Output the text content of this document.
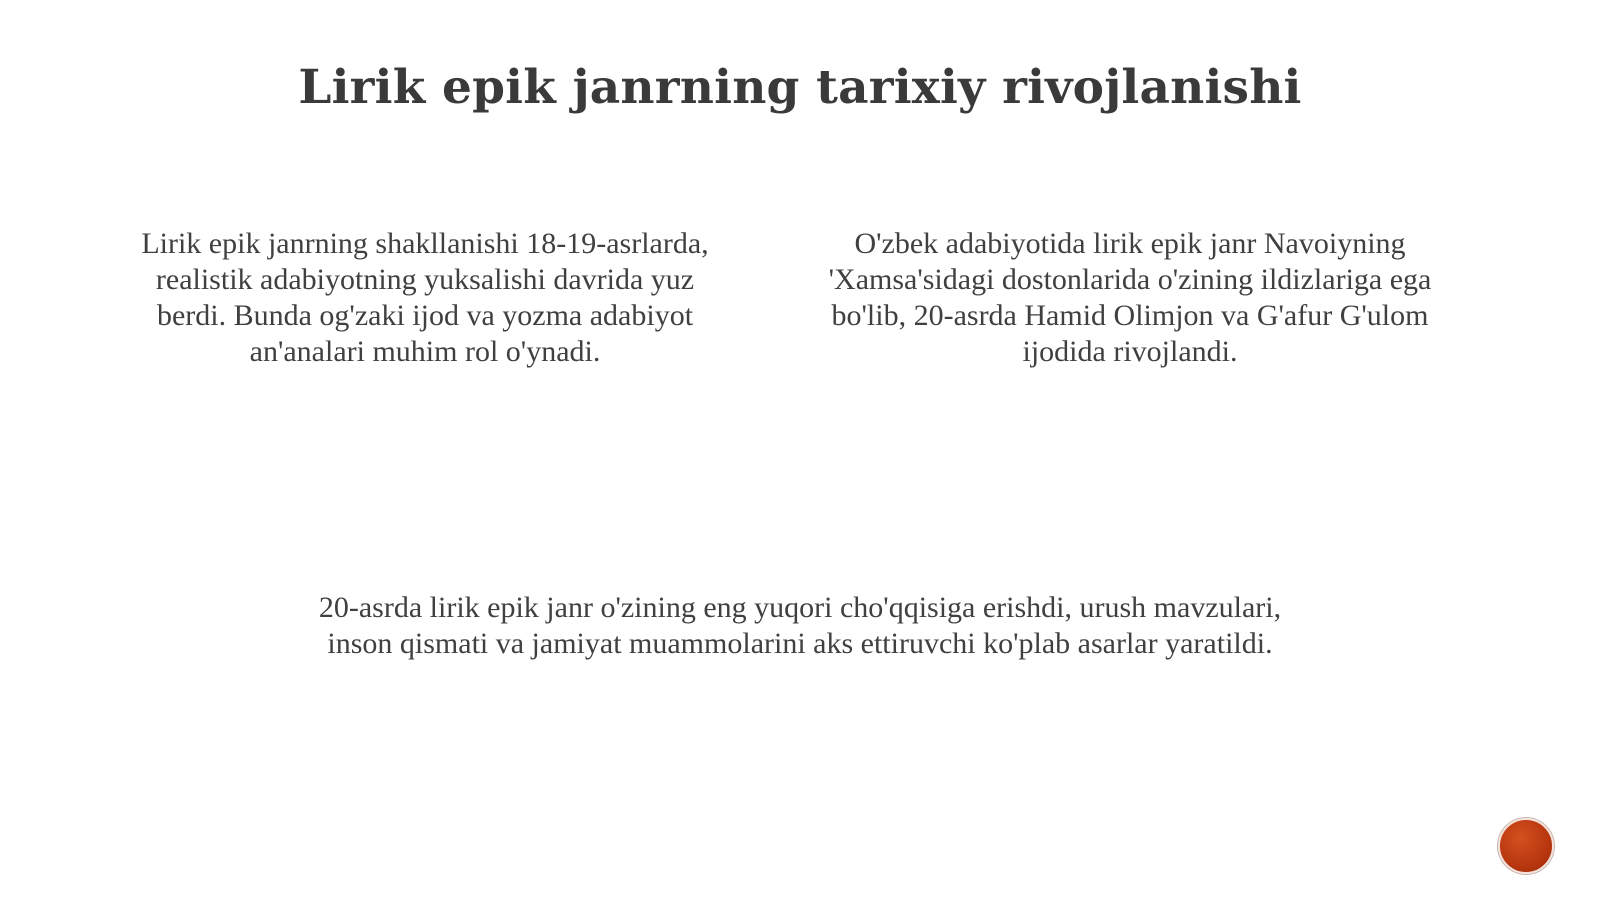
Lirik epik janrning tarixiy rivojlanishi
Lirik epik janrning shakllanishi 18-19-asrlarda, realistik adabiyotning yuksalishi davrida yuz berdi. Bunda og'zaki ijod va yozma adabiyot an'analari muhim rol o'ynadi.
O'zbek adabiyotida lirik epik janr Navoiyning 'Xamsa'sidagi dostonlarida o'zining ildizlariga ega bo'lib, 20-asrda Hamid Olimjon va G'afur G'ulom ijodida rivojlandi.
20-asrda lirik epik janr o'zining eng yuqori cho'qqisiga erishdi, urush mavzulari, inson qismati va jamiyat muammolarini aks ettiruvchi ko'plab asarlar yaratildi.
